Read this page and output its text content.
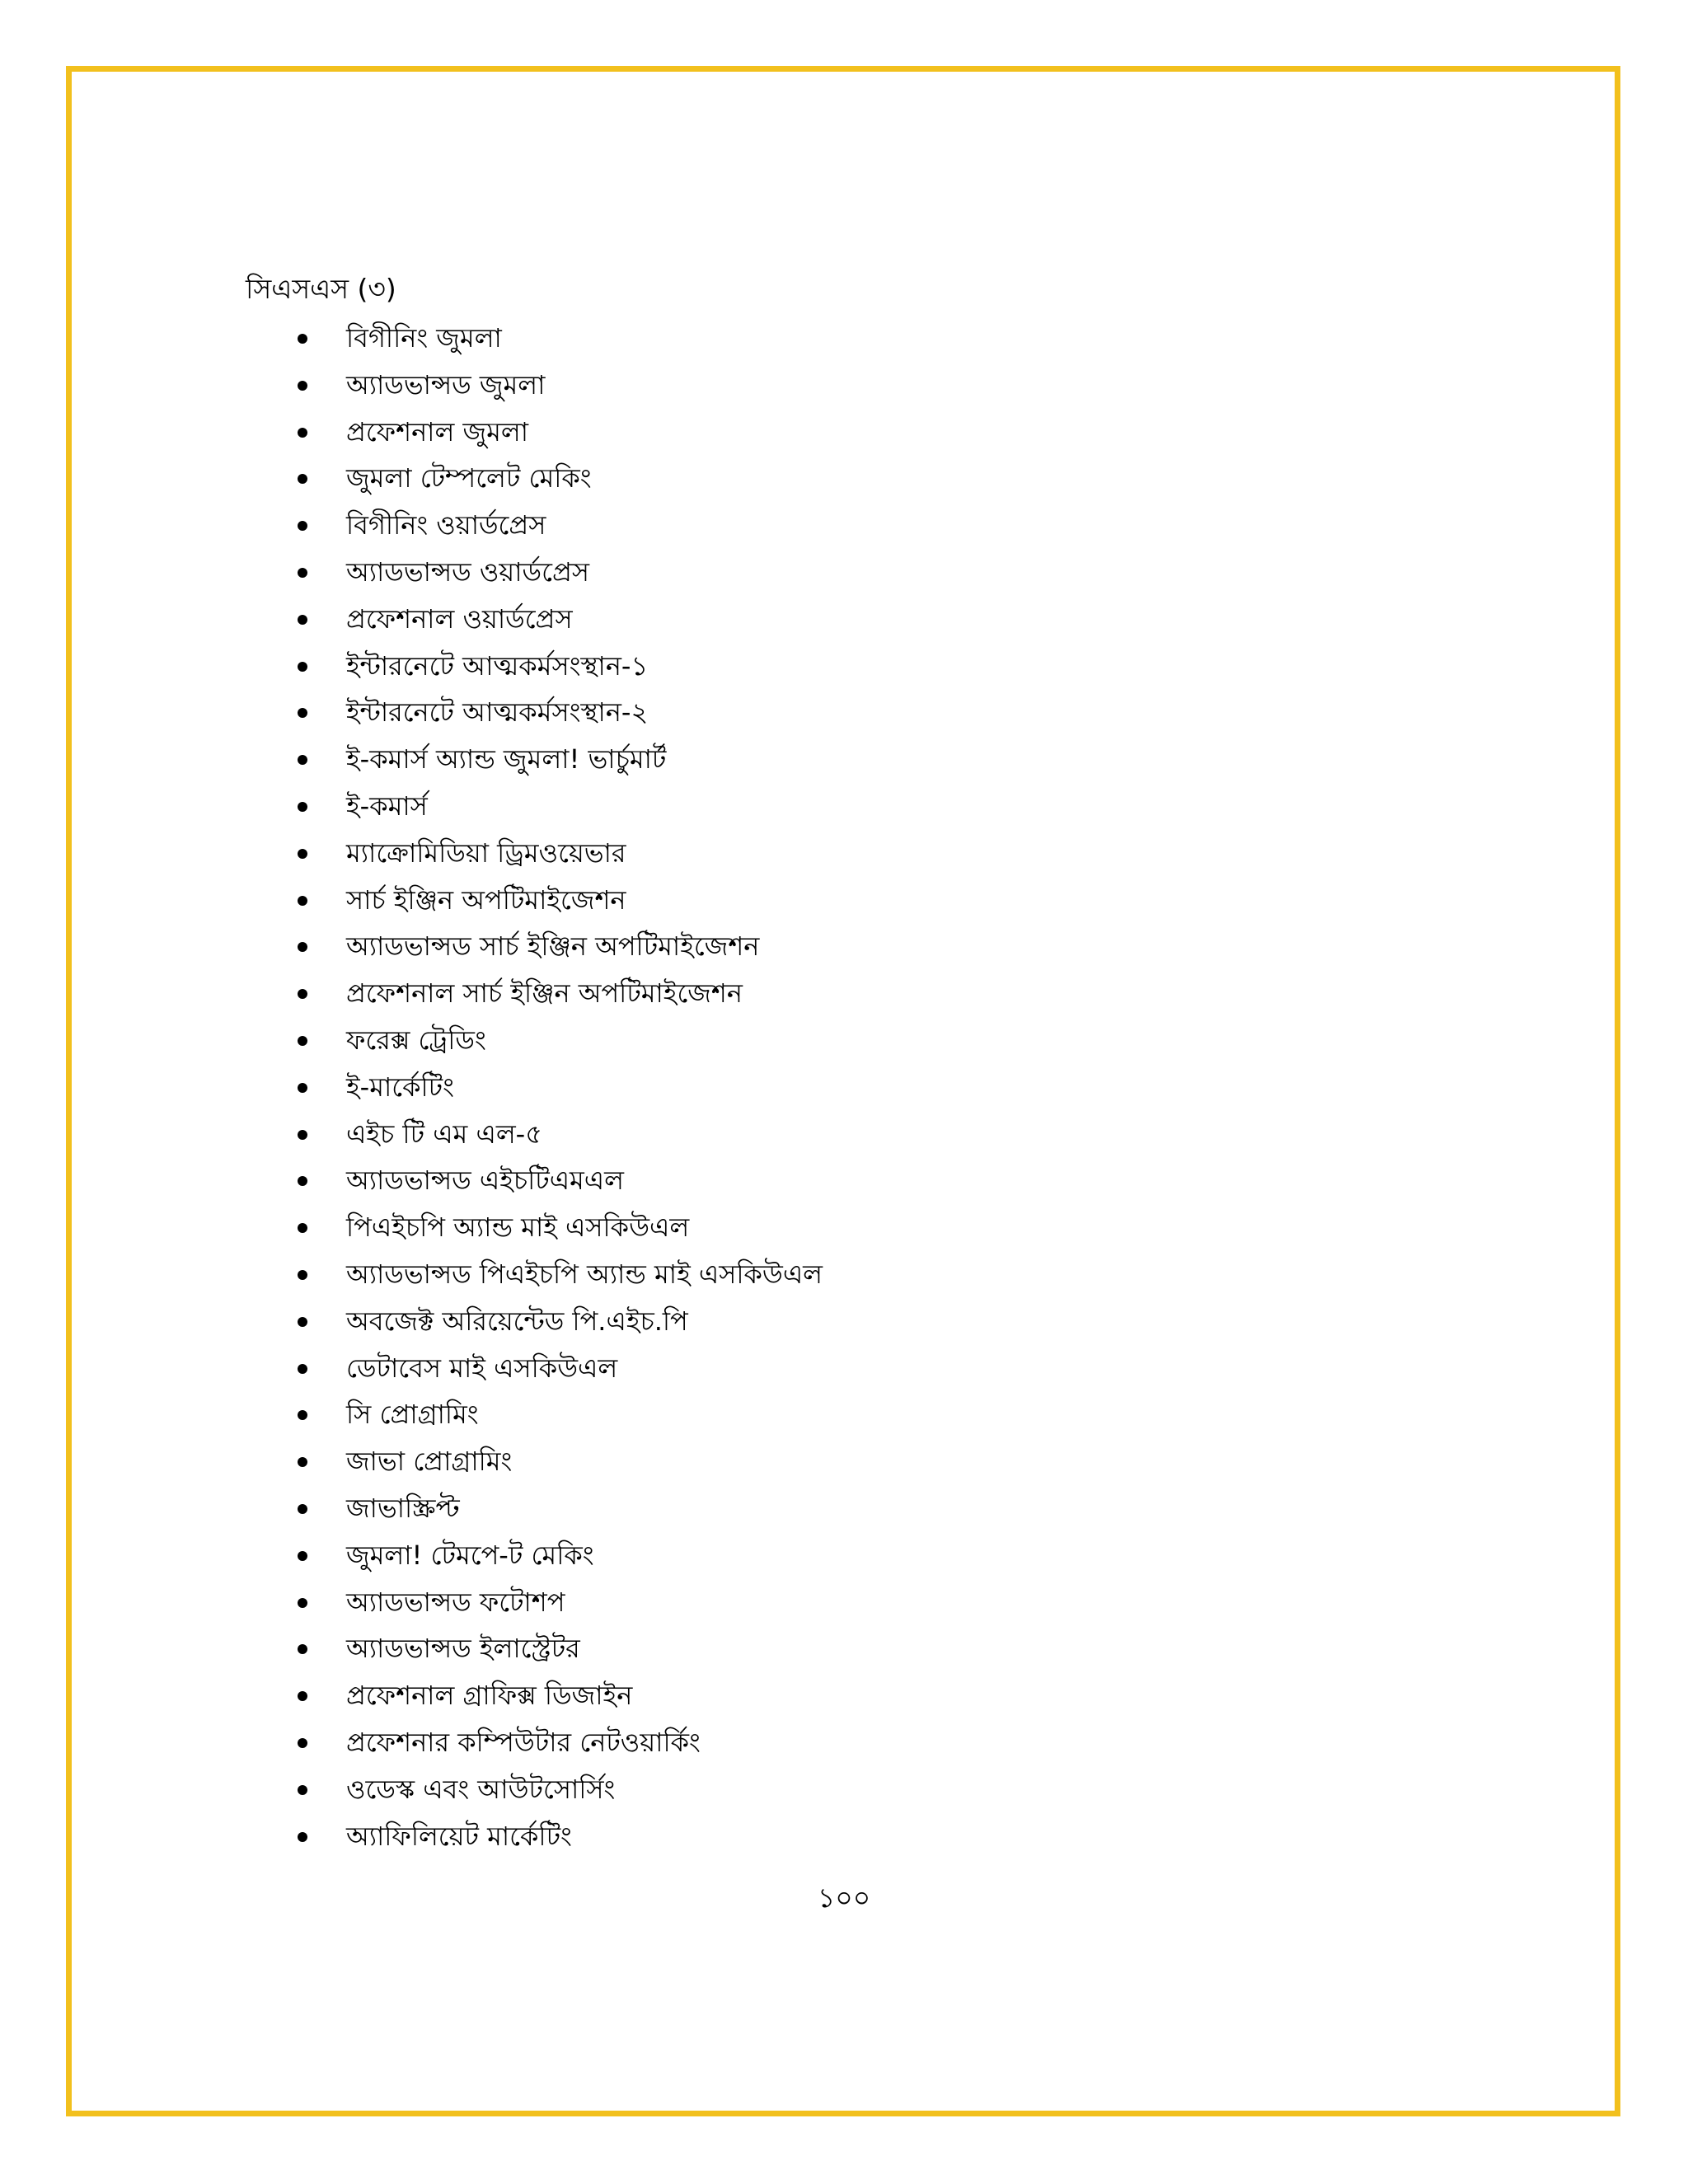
সিএসএস (৩)
বিগীনিং জুমলা
অ্যাডভান্সড জুমলা
প্রফেশনাল জুমলা
জুমলা টেম্পলেট মেকিং
বিগীনিং ওয়ার্ডপ্রেস
অ্যাডভান্সড ওয়ার্ডপ্রেস
প্রফেশনাল ওয়ার্ডপ্রেস
ইন্টারনেটে আত্মকর্মসংস্থান-১
ইন্টারনেটে আত্মকর্মসংস্থান-২
ই-কমার্স অ্যান্ড জুমলা! ভার্চুমার্ট
ই-কমার্স
ম্যাক্রোমিডিয়া ড্রিমওয়েভার
সার্চ ইঞ্জিন অপটিমাইজেশন
অ্যাডভান্সড সার্চ ইঞ্জিন অপটিমাইজেশন
প্রফেশনাল সার্চ ইঞ্জিন অপটিমাইজেশন
ফরেক্স ট্রেডিং
ই-মার্কেটিং
এইচ টি এম এল-৫
অ্যাডভান্সড এইচটিএমএল
পিএইচপি অ্যান্ড মাই এসকিউএল
অ্যাডভান্সড পিএইচপি অ্যান্ড মাই এসকিউএল
অবজেক্ট অরিয়েন্টেড পি.এইচ.পি
ডেটাবেস মাই এসকিউএল
সি প্রোগ্রামিং
জাভা প্রোগ্রামিং
জাভাস্ক্রিপ্ট
জুমলা! টেমপে-ট মেকিং
অ্যাডভান্সড ফটোশপ
অ্যাডভান্সড ইলাস্ট্রেটর
প্রফেশনাল গ্রাফিক্স ডিজাইন
প্রফেশনার কম্পিউটার নেটওয়ার্কিং
ওডেস্ক এবং আউটসোর্সিং
অ্যাফিলিয়েট মার্কেটিং
১০০
